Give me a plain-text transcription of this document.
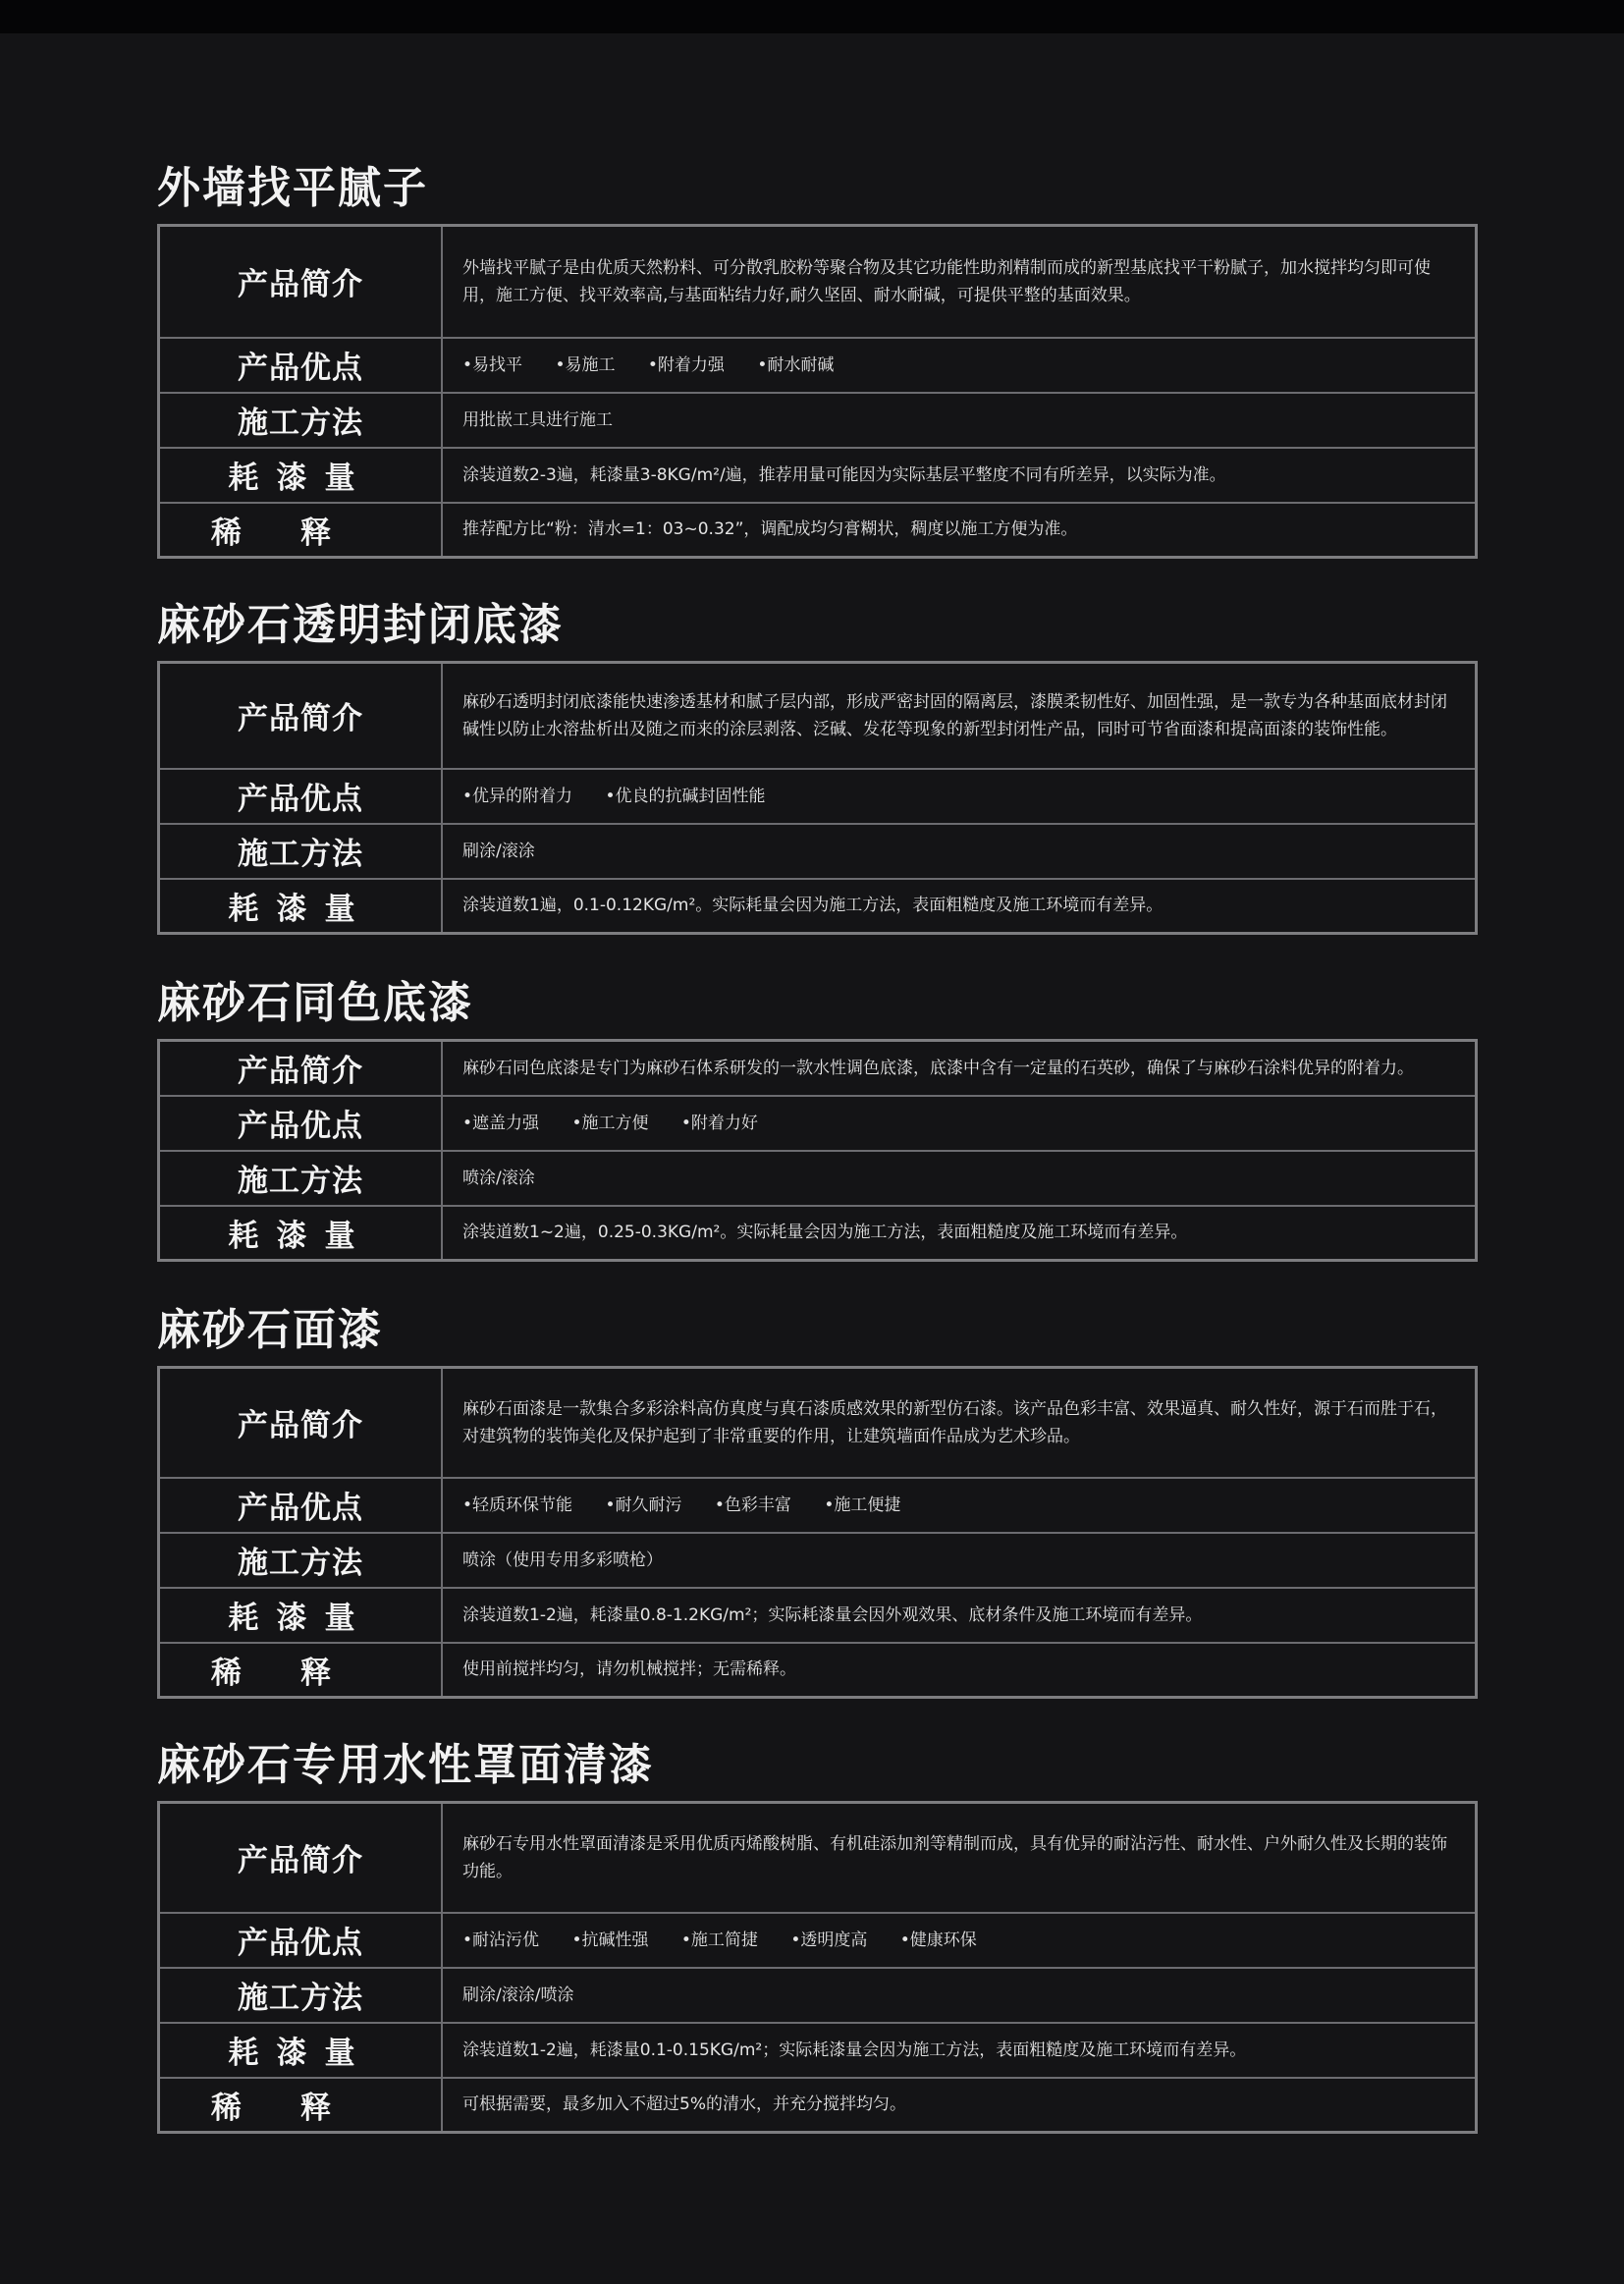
外墙找平腻子
产品简介	外墙找平腻子是由优质天然粉料、可分散乳胶粉等聚合物及其它功能性助剂精制而成的新型基底找平干粉腻子，加水搅拌均匀即可使用，施工方便、找平效率高,与基面粘结力好,耐久坚固、耐水耐碱，可提供平整的基面效果。
产品优点	•易找平 •易施工 •附着力强 •耐水耐碱
施工方法	用批嵌工具进行施工
耗漆量	涂装道数2-3遍，耗漆量3-8KG/m²/遍，推荐用量可能因为实际基层平整度不同有所差异，以实际为准。
稀释	推荐配方比“粉：清水=1：03~0.32”，调配成均匀膏糊状，稠度以施工方便为准。
麻砂石透明封闭底漆
产品简介	麻砂石透明封闭底漆能快速渗透基材和腻子层内部，形成严密封固的隔离层，漆膜柔韧性好、加固性强，是一款专为各种基面底材封闭碱性以防止水溶盐析出及随之而来的涂层剥落、泛碱、发花等现象的新型封闭性产品，同时可节省面漆和提高面漆的装饰性能。
产品优点	•优异的附着力 •优良的抗碱封固性能
施工方法	刷涂/滚涂
耗漆量	涂装道数1遍，0.1-0.12KG/m²。实际耗量会因为施工方法，表面粗糙度及施工环境而有差异。
麻砂石同色底漆
产品简介	麻砂石同色底漆是专门为麻砂石体系研发的一款水性调色底漆，底漆中含有一定量的石英砂，确保了与麻砂石涂料优异的附着力。
产品优点	•遮盖力强 •施工方便 •附着力好
施工方法	喷涂/滚涂
耗漆量	涂装道数1~2遍，0.25-0.3KG/m²。实际耗量会因为施工方法，表面粗糙度及施工环境而有差异。
麻砂石面漆
产品简介	麻砂石面漆是一款集合多彩涂料高仿真度与真石漆质感效果的新型仿石漆。该产品色彩丰富、效果逼真、耐久性好，源于石而胜于石，对建筑物的装饰美化及保护起到了非常重要的作用，让建筑墙面作品成为艺术珍品。
产品优点	•轻质环保节能 •耐久耐污 •色彩丰富 •施工便捷
施工方法	喷涂（使用专用多彩喷枪）
耗漆量	涂装道数1-2遍，耗漆量0.8-1.2KG/m²；实际耗漆量会因外观效果、底材条件及施工环境而有差异。
稀释	使用前搅拌均匀，请勿机械搅拌；无需稀释。
麻砂石专用水性罩面清漆
产品简介	麻砂石专用水性罩面清漆是采用优质丙烯酸树脂、有机硅添加剂等精制而成，具有优异的耐沾污性、耐水性、户外耐久性及长期的装饰功能。
产品优点	•耐沾污优 •抗碱性强 •施工简捷 •透明度高 •健康环保
施工方法	刷涂/滚涂/喷涂
耗漆量	涂装道数1-2遍，耗漆量0.1-0.15KG/m²；实际耗漆量会因为施工方法，表面粗糙度及施工环境而有差异。
稀释	可根据需要，最多加入不超过5%的清水，并充分搅拌均匀。
